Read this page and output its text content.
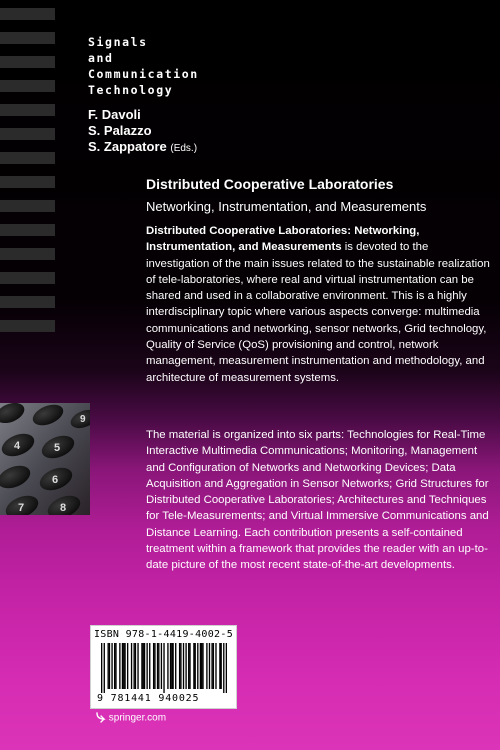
Signals
and
Communication
Technology
F. Davoli
S. Palazzo
S. Zappatore (Eds.)
Distributed Cooperative Laboratories
Networking, Instrumentation, and Measurements
Distributed Cooperative Laboratories: Networking, Instrumentation, and Measurements is devoted to the investigation of the main issues related to the sustainable realization of tele-laboratories, where real and virtual instrumentation can be shared and used in a collaborative environment. This is a highly interdisciplinary topic where various aspects converge: multimedia communications and networking, sensor networks, Grid technology, Quality of Service (QoS) provisioning and control, network management, measurement instrumentation and methodology, and architecture of measurement systems.
9
4	5
6
7	8
The material is organized into six parts: Technologies for Real-Time Interactive Multimedia Communications; Monitoring, Management and Configuration of Networks and Networking Devices; Data Acquisition and Aggregation in Sensor Networks; Grid Structures for Distributed Cooperative Laboratories; Architectures and Techniques for Tele-Measurements; and Virtual Immersive Communications and Distance Learning. Each contribution presents a self-contained treatment within a framework that provides the reader with an up-to-date picture of the most recent state-of-the-art developments.
ISBN 978-1-4419-4002-5
9 781441 940025
springer.com
